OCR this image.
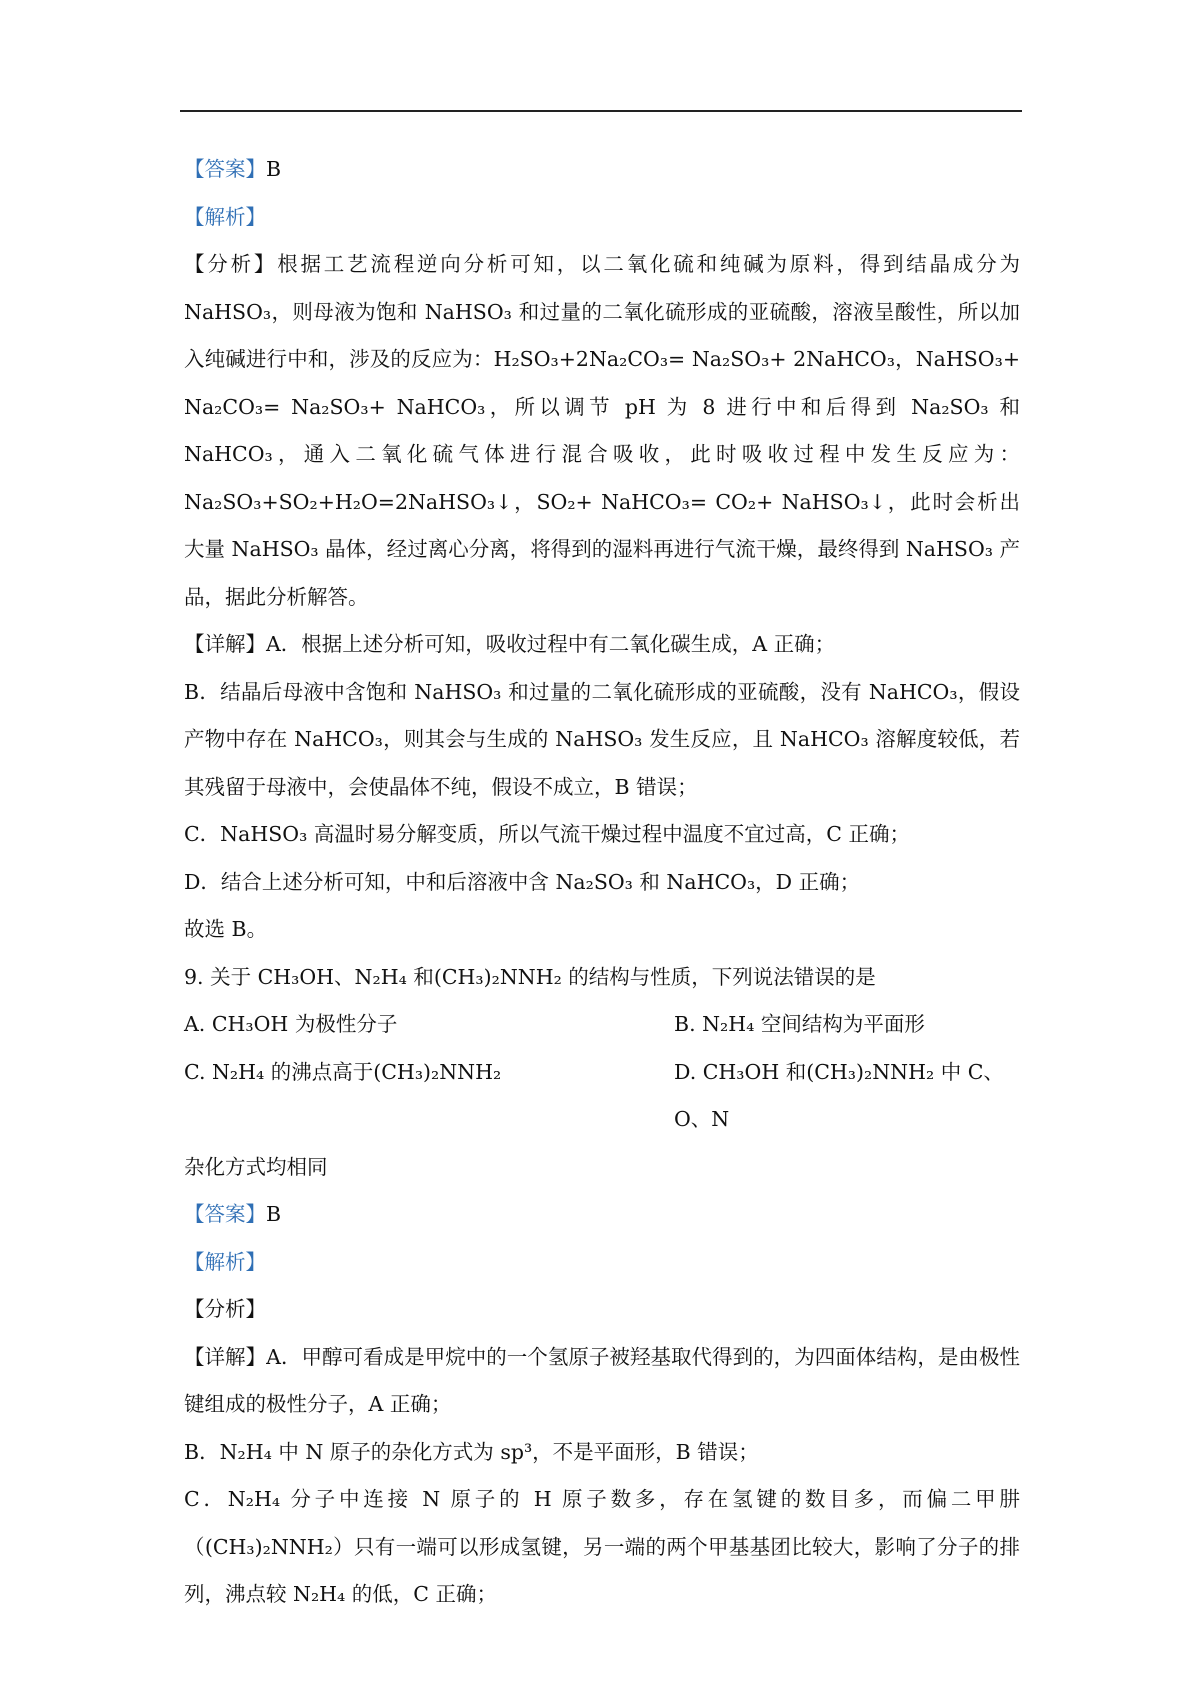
【答案】B

【解析】

【分析】根据工艺流程逆向分析可知，以二氧化硫和纯碱为原料，得到结晶成分为 NaHSO₃，则母液为饱和 NaHSO₃ 和过量的二氧化硫形成的亚硫酸，溶液呈酸性，所以加入纯碱进行中和，涉及的反应为：H₂SO₃+2Na₂CO₃= Na₂SO₃+ 2NaHCO₃，NaHSO₃+ Na₂CO₃= Na₂SO₃+ NaHCO₃，所以调节 pH 为 8 进行中和后得到 Na₂SO₃ 和 NaHCO₃，通入二氧化硫气体进行混合吸收，此时吸收过程中发生反应为：Na₂SO₃+SO₂+H₂O=2NaHSO₃↓，SO₂+ NaHCO₃= CO₂+ NaHSO₃↓，此时会析出大量 NaHSO₃ 晶体，经过离心分离，将得到的湿料再进行气流干燥，最终得到 NaHSO₃ 产品，据此分析解答。

【详解】A．根据上述分析可知，吸收过程中有二氧化碳生成，A 正确；

B．结晶后母液中含饱和 NaHSO₃ 和过量的二氧化硫形成的亚硫酸，没有 NaHCO₃，假设产物中存在 NaHCO₃，则其会与生成的 NaHSO₃ 发生反应，且 NaHCO₃ 溶解度较低，若其残留于母液中，会使晶体不纯，假设不成立，B 错误；

C．NaHSO₃ 高温时易分解变质，所以气流干燥过程中温度不宜过高，C 正确；

D．结合上述分析可知，中和后溶液中含 Na₂SO₃ 和 NaHCO₃，D 正确；

故选 B。

9. 关于 CH₃OH、N₂H₄ 和(CH₃)₂NNH₂ 的结构与性质，下列说法错误的是

A. CH₃OH 为极性分子	B. N₂H₄ 空间结构为平面形
C. N₂H₄ 的沸点高于(CH₃)₂NNH₂	D. CH₃OH 和(CH₃)₂NNH₂ 中 C、O、N

杂化方式均相同

【答案】B

【解析】

【分析】

【详解】A．甲醇可看成是甲烷中的一个氢原子被羟基取代得到的，为四面体结构，是由极性键组成的极性分子，A 正确；

B．N₂H₄ 中 N 原子的杂化方式为 sp³，不是平面形，B 错误；

C．N₂H₄ 分子中连接 N 原子的 H 原子数多，存在氢键的数目多，而偏二甲肼（(CH₃)₂NNH₂）只有一端可以形成氢键，另一端的两个甲基基团比较大，影响了分子的排列，沸点较 N₂H₄ 的低，C 正确；
